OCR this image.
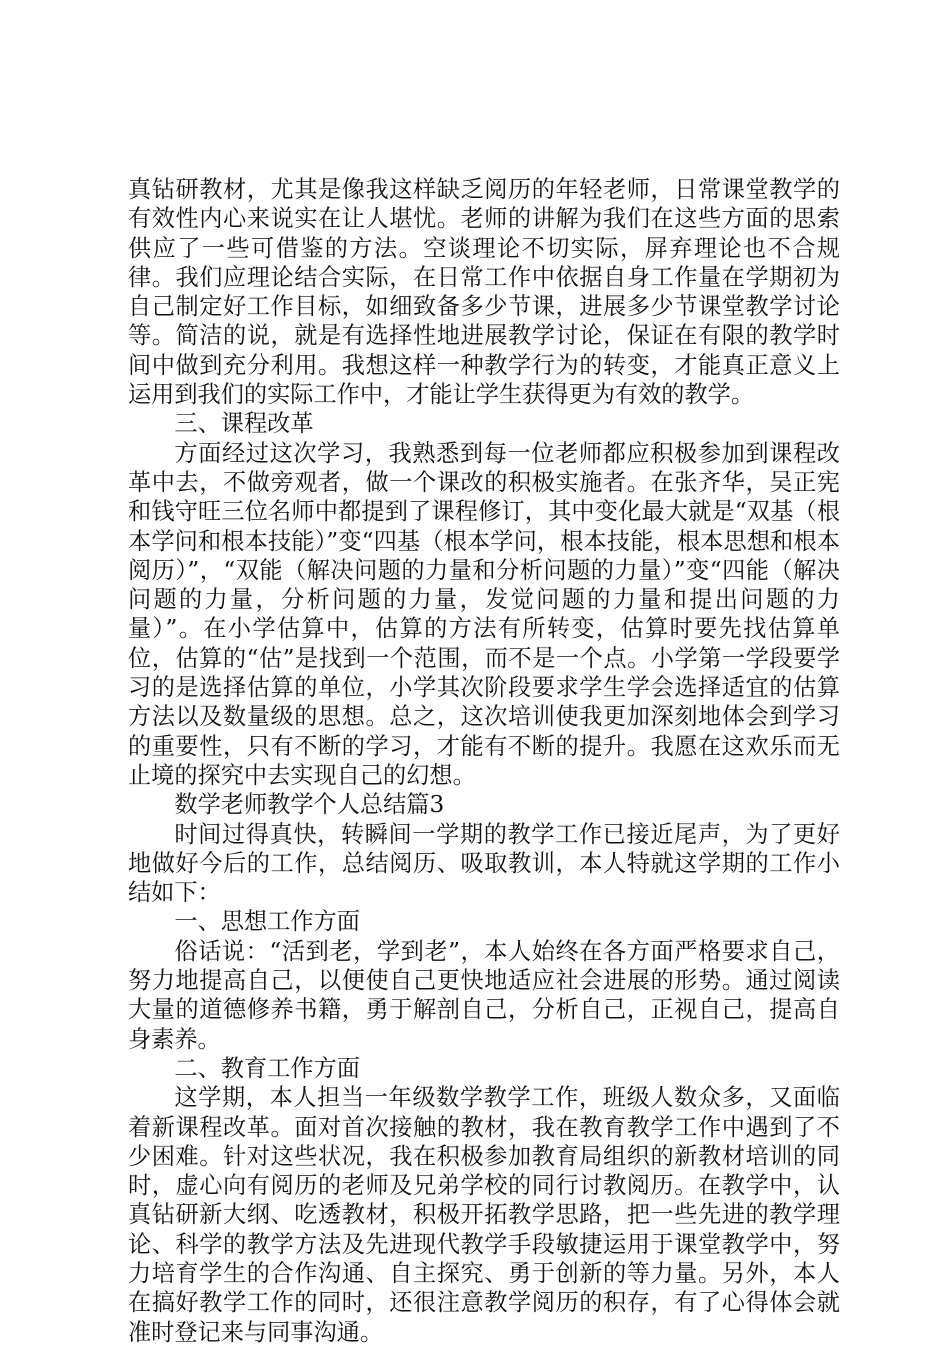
真钻研教材，尤其是像我这样缺乏阅历的年轻老师，日常课堂教学的有效性内心来说实在让人堪忧。老师的讲解为我们在这些方面的思索供应了一些可借鉴的方法。空谈理论不切实际，屏弃理论也不合规律。我们应理论结合实际，在日常工作中依据自身工作量在学期初为自己制定好工作目标，如细致备多少节课，进展多少节课堂教学讨论等。简洁的说，就是有选择性地进展教学讨论，保证在有限的教学时间中做到充分利用。我想这样一种教学行为的转变，才能真正意义上运用到我们的实际工作中，才能让学生获得更为有效的教学。

三、课程改革

方面经过这次学习，我熟悉到每一位老师都应积极参加到课程改革中去，不做旁观者，做一个课改的积极实施者。在张齐华，吴正宪和钱守旺三位名师中都提到了课程修订，其中变化最大就是“双基（根本学问和根本技能）”变“四基（根本学问，根本技能，根本思想和根本阅历）”，“双能（解决问题的力量和分析问题的力量）”变“四能（解决问题的力量，分析问题的力量，发觉问题的力量和提出问题的力量）”。在小学估算中，估算的方法有所转变，估算时要先找估算单位，估算的“估”是找到一个范围，而不是一个点。小学第一学段要学习的是选择估算的单位，小学其次阶段要求学生学会选择适宜的估算方法以及数量级的思想。总之，这次培训使我更加深刻地体会到学习的重要性，只有不断的学习，才能有不断的提升。我愿在这欢乐而无止境的探究中去实现自己的幻想。

数学老师教学个人总结篇3

时间过得真快，转瞬间一学期的教学工作已接近尾声，为了更好地做好今后的工作，总结阅历、吸取教训，本人特就这学期的工作小结如下：

一、思想工作方面

俗话说：“活到老，学到老”，本人始终在各方面严格要求自己，努力地提高自己，以便使自己更快地适应社会进展的形势。通过阅读大量的道德修养书籍，勇于解剖自己，分析自己，正视自己，提高自身素养。

二、教育工作方面

这学期，本人担当一年级数学教学工作，班级人数众多，又面临着新课程改革。面对首次接触的教材，我在教育教学工作中遇到了不少困难。针对这些状况，我在积极参加教育局组织的新教材培训的同时，虚心向有阅历的老师及兄弟学校的同行讨教阅历。在教学中，认真钻研新大纲、吃透教材，积极开拓教学思路，把一些先进的教学理论、科学的教学方法及先进现代教学手段敏捷运用于课堂教学中，努力培育学生的合作沟通、自主探究、勇于创新的等力量。另外，本人在搞好教学工作的同时，还很注意教学阅历的积存，有了心得体会就准时登记来与同事沟通。
